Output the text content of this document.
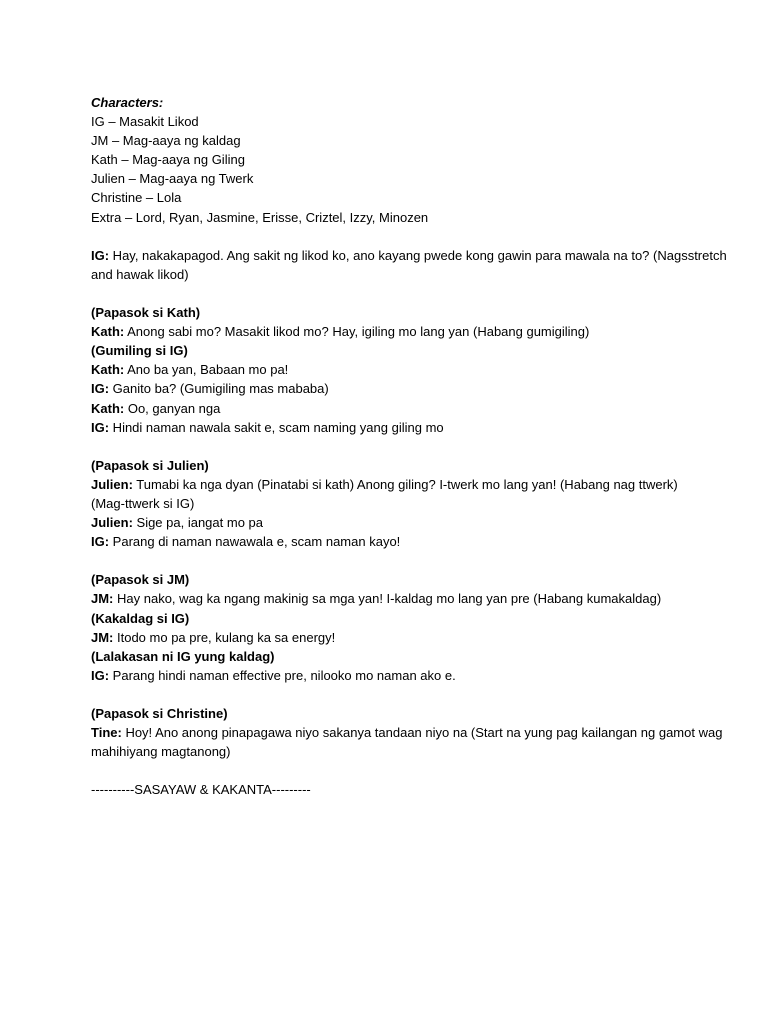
Characters:
IG – Masakit Likod
JM – Mag-aaya ng kaldag
Kath – Mag-aaya ng Giling
Julien – Mag-aaya ng Twerk
Christine – Lola
Extra – Lord, Ryan, Jasmine, Erisse, Criztel, Izzy, Minozen
IG: Hay, nakakapagod. Ang sakit ng likod ko, ano kayang pwede kong gawin para mawala na to? (Nagsstretch and hawak likod)
(Papasok si Kath)
Kath: Anong sabi mo? Masakit likod mo? Hay, igiling mo lang yan (Habang gumigiling)
(Gumiling si IG)
Kath: Ano ba yan, Babaan mo pa!
IG: Ganito ba? (Gumigiling mas mababa)
Kath: Oo, ganyan nga
IG: Hindi naman nawala sakit e, scam naming yang giling mo
(Papasok si Julien)
Julien: Tumabi ka nga dyan (Pinatabi si kath) Anong giling? I-twerk mo lang yan! (Habang nag ttwerk)
(Mag-ttwerk si IG)
Julien: Sige pa, iangat mo pa
IG: Parang di naman nawawala e, scam naman kayo!
(Papasok si JM)
JM: Hay nako, wag ka ngang makinig sa mga yan! I-kaldag mo lang yan pre (Habang kumakaldag)
(Kakaldag si IG)
JM: Itodo mo pa pre, kulang ka sa energy!
(Lalakasan ni IG yung kaldag)
IG: Parang hindi naman effective pre, nilooko mo naman ako e.
(Papasok si Christine)
Tine: Hoy! Ano anong pinapagawa niyo sakanya tandaan niyo na (Start na yung pag kailangan ng gamot wag mahihiyang magtanong)
----------SASAYAW & KAKANTA---------
